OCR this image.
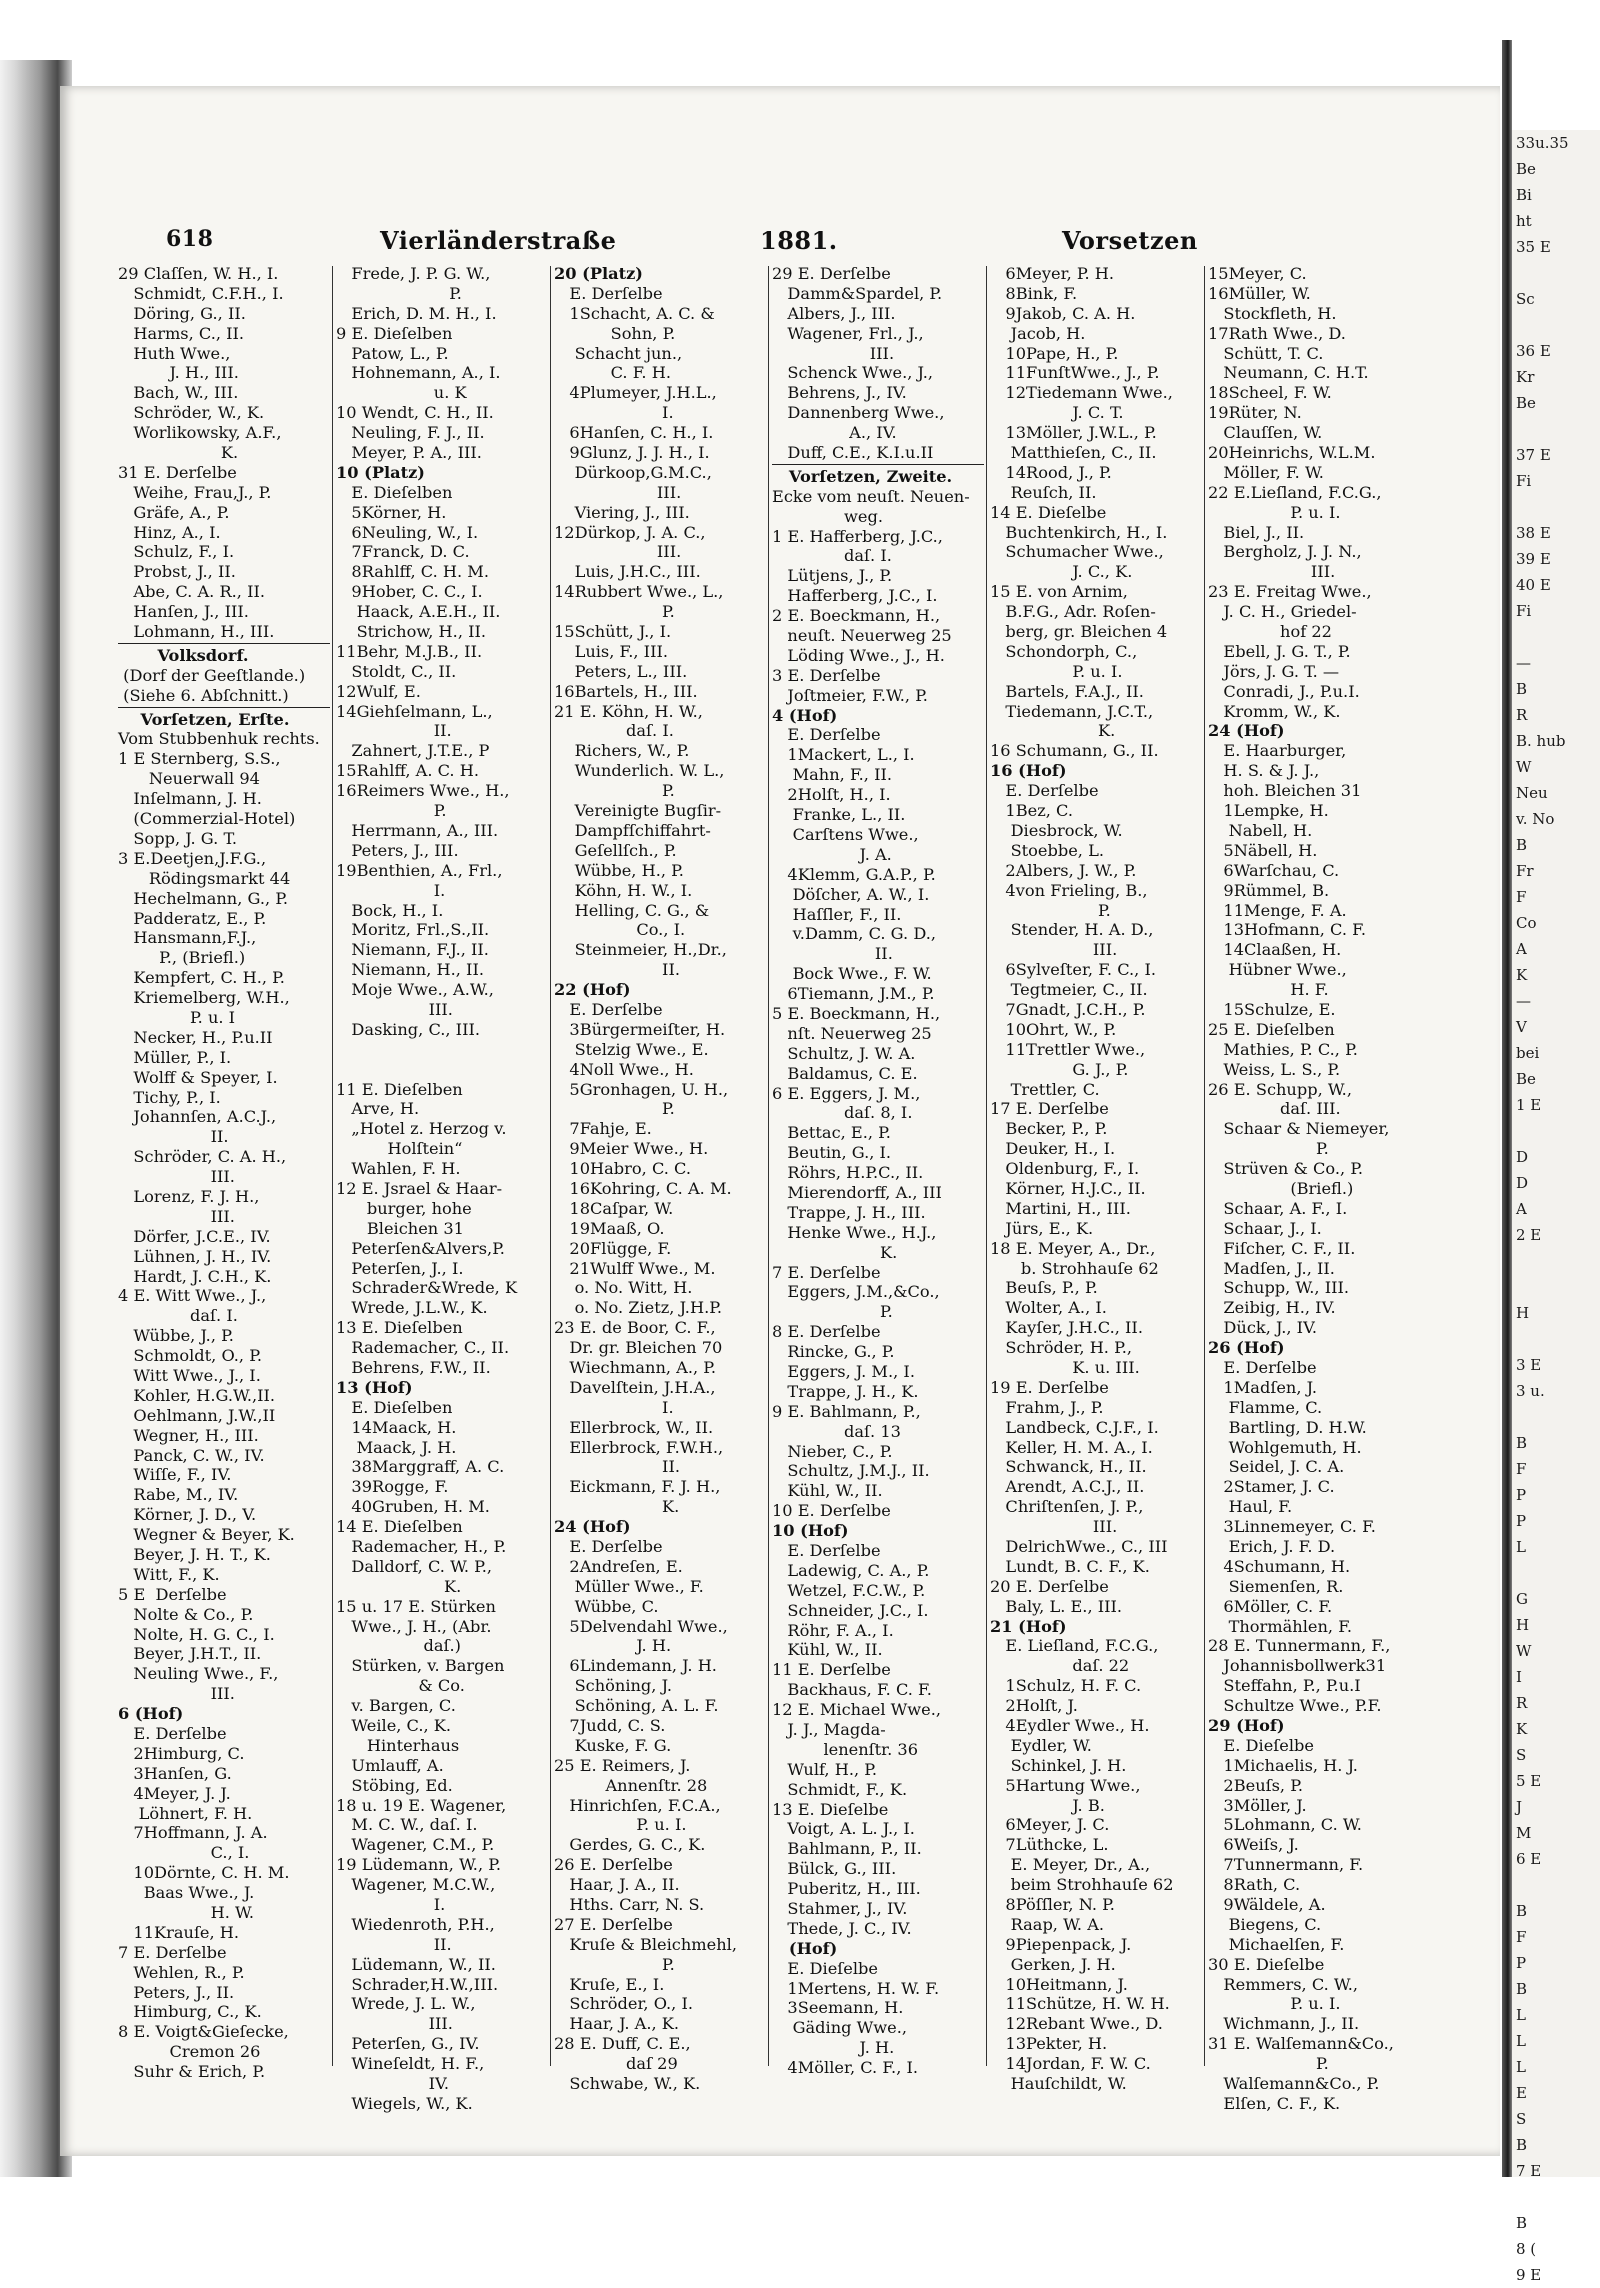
33u.35
Be
Bi
ht
35 E

Sc

36 E
Kr
Be

37 E
Fi

38 E
39 E
40 E
Fi

—
B
R
B. hub
W
Neu
v. No
B
Fr
F
Co
A
K
—
V
bei
Be
1 E

D
D
A
2 E

H

3 E
3 u.

B
F
P
P
L

G
H
W
I
R
K
S
5 E
J
M
6 E

B
F
P
B
L
L
L
E
S
B
7 E

B
8 (
9 E
618	Vierländerstraße	1881.	Vorsetzen
29 Claſſen, W. H., I.
Schmidt, C.F.H., I.
Döring, G., II.
Harms, C., II.
Huth Wwe.,
J. H., III.
Bach, W., III.
Schröder, W., K.
Worlikowsky, A.F.,
K.
31 E. Derſelbe
Weihe, Frau,J., P.
Gräfe, A., P.
Hinz, A., I.
Schulz, F., I.
Probst, J., II.
Abe, C. A. R., II.
Hanſen, J., III.
Lohmann, H., III.
Volksdorf.
(Dorf der Geeſtlande.)
(Siehe 6. Abſchnitt.)
Vorſetzen, Erſte.
Vom Stubbenhuk rechts.
1 E Sternberg, S.S.,
Neuerwall 94
Inſelmann, J. H.
(Commerzial-Hotel)
Sopp, J. G. T.
3 E.Deetjen,J.F.G.,
Rödingsmarkt 44
Hechelmann, G., P.
Padderatz, E., P.
Hansmann,F.J.,
P., (Briefl.)
Kempfert, C. H., P.
Kriemelberg, W.H.,
P. u. I
Necker, H., P.u.II
Müller, P., I.
Wolff & Speyer, I.
Tichy, P., I.
Johannſen, A.C.J.,
II.
Schröder, C. A. H.,
III.
Lorenz, F. J. H.,
III.
Dörfer, J.C.E., IV.
Lühnen, J. H., IV.
Hardt, J. C.H., K.
4 E. Witt Wwe., J.,
daſ. I.
Wübbe, J., P.
Schmoldt, O., P.
Witt Wwe., J., I.
Kohler, H.G.W.,II.
Oehlmann, J.W.,II
Wegner, H., III.
Panck, C. W., IV.
Wiſſe, F., IV.
Rabe, M., IV.
Körner, J. D., V.
Wegner & Beyer, K.
Beyer, J. H. T., K.
Witt, F., K.
5 E  Derſelbe
Nolte & Co., P.
Nolte, H. G. C., I.
Beyer, J.H.T., II.
Neuling Wwe., F.,
III.
6 (Hof)
E. Derſelbe
2Himburg, C.
3Hanſen, G.
4Meyer, J. J.
Löhnert, F. H.
7Hoffmann, J. A.
C., I.
10Dörnte, C. H. M.
Baas Wwe., J.
H. W.
11Krauſe, H.
7 E. Derſelbe
Wehlen, R., P.
Peters, J., II.
Himburg, C., K.
8 E. Voigt&Gieſecke,
Cremon 26
Suhr & Erich, P.
Frede, J. P. G. W.,
P.
Erich, D. M. H., I.
9 E. Dieſelben
Patow, L., P.
Hohnemann, A., I.
u. K
10 Wendt, C. H., II.
Neuling, F. J., II.
Meyer, P. A., III.
10 (Platz)
E. Dieſelben
5Körner, H.
6Neuling, W., I.
7Franck, D. C.
8Rahlff, C. H. M.
9Hober, C. C., I.
Haack, A.E.H., II.
Strichow, H., II.
11Behr, M.J.B., II.
Stoldt, C., II.
12Wulf, E.
14Giehſelmann, L.,
II.
Zahnert, J.T.E., P
15Rahlff, A. C. H.
16Reimers Wwe., H.,
P.
Herrmann, A., III.
Peters, J., III.
19Benthien, A., Frl.,
I.
Bock, H., I.
Moritz, Frl.,S.,II.
Niemann, F.J., II.
Niemann, H., II.
Moje Wwe., A.W.,
III.
Dasking, C., III.
11 E. Dieſelben
Arve, H.
„Hotel z. Herzog v.
Holſtein“
Wahlen, F. H.
12 E. Jsrael & Haar-
burger, hohe
Bleichen 31
Peterſen&Alvers,P.
Peterſen, J., I.
Schrader&Wrede, K
Wrede, J.L.W., K.
13 E. Dieſelben
Rademacher, C., II.
Behrens, F.W., II.
13 (Hof)
E. Dieſelben
14Maack, H.
Maack, J. H.
38Marggraff, A. C.
39Rogge, F.
40Gruben, H. M.
14 E. Dieſelben
Rademacher, H., P.
Dalldorf, C. W. P.,
K.
15 u. 17 E. Stürken
Wwe., J. H., (Abr.
daſ.)
Stürken, v. Bargen
& Co.
v. Bargen, C.
Weile, C., K.
Hinterhaus
Umlauff, A.
Stöbing, Ed.
18 u. 19 E. Wagener,
M. C. W., daſ. I.
Wagener, C.M., P.
19 Lüdemann, W., P.
Wagener, M.C.W.,
I.
Wiedenroth, P.H.,
II.
Lüdemann, W., II.
Schrader,H.W.,III.
Wrede, J. L. W.,
III.
Peterſen, G., IV.
Wineſeldt, H. F.,
IV.
Wiegels, W., K.
20 (Platz)
E. Derſelbe
1Schacht, A. C. &
Sohn, P.
Schacht jun.,
C. F. H.
4Plumeyer, J.H.L.,
I.
6Hanſen, C. H., I.
9Glunz, J. J. H., I.
Dürkoop,G.M.C.,
III.
Viering, J., III.
12Dürkop, J. A. C.,
III.
Luis, J.H.C., III.
14Rubbert Wwe., L.,
P.
15Schütt, J., I.
Luis, F., III.
Peters, L., III.
16Bartels, H., III.
21 E. Köhn, H. W.,
daſ. I.
Richers, W., P.
Wunderlich. W. L.,
P.
Vereinigte Bugſir-
Dampfſchiffahrt-
Geſellſch., P.
Wübbe, H., P.
Köhn, H. W., I.
Helling, C. G., &
Co., I.
Steinmeier, H.,Dr.,
II.
22 (Hof)
E. Derſelbe
3Bürgermeiſter, H.
Stelzig Wwe., E.
4Noll Wwe., H.
5Gronhagen, U. H.,
P.
7Fahje, E.
9Meier Wwe., H.
10Habro, C. C.
16Kohring, C. A. M.
18Caſpar, W.
19Maaß, O.
20Flügge, F.
21Wulff Wwe., M.
o. No. Witt, H.
o. No. Zietz, J.H.P.
23 E. de Boor, C. F.,
Dr. gr. Bleichen 70
Wiechmann, A., P.
Davelſtein, J.H.A.,
I.
Ellerbrock, W., II.
Ellerbrock, F.W.H.,
II.
Eickmann, F. J. H.,
K.
24 (Hof)
E. Derſelbe
2Andreſen, E.
Müller Wwe., F.
Wübbe, C.
5Delvendahl Wwe.,
J. H.
6Lindemann, J. H.
Schöning, J.
Schöning, A. L. F.
7Judd, C. S.
Kuske, F. G.
25 E. Reimers, J.
Annenſtr. 28
Hinrichſen, F.C.A.,
P. u. I.
Gerdes, G. C., K.
26 E. Derſelbe
Haar, J. A., II.
Hths. Carr, N. S.
27 E. Derſelbe
Kruſe & Bleichmehl,
P.
Kruſe, E., I.
Schröder, O., I.
Haar, J. A., K.
28 E. Duff, C. E.,
daſ 29
Schwabe, W., K.
29 E. Derſelbe
Damm&Spardel, P.
Albers, J., III.
Wagener, Frl., J.,
III.
Schenck Wwe., J.,
Behrens, J., IV.
Dannenberg Wwe.,
A., IV.
Duff, C.E., K.I.u.II
Vorſetzen, Zweite.
Ecke vom neuſt. Neuen-
weg.
1 E. Hafferberg, J.C.,
daſ. I.
Lütjens, J., P.
Hafferberg, J.C., I.
2 E. Boeckmann, H.,
neuſt. Neuerweg 25
Löding Wwe., J., H.
3 E. Derſelbe
Joſtmeier, F.W., P.
4 (Hof)
E. Derſelbe
1Mackert, L., I.
Mahn, F., II.
2Holſt, H., I.
Franke, L., II.
Carſtens Wwe.,
J. A.
4Klemm, G.A.P., P.
Döſcher, A. W., I.
Haſſler, F., II.
v.Damm, C. G. D.,
II.
Bock Wwe., F. W.
6Tiemann, J.M., P.
5 E. Boeckmann, H.,
nſt. Neuerweg 25
Schultz, J. W. A.
Baldamus, C. E.
6 E. Eggers, J. M.,
daſ. 8, I.
Bettac, E., P.
Beutin, G., I.
Röhrs, H.P.C., II.
Mierendorff, A., III
Trappe, J. H., III.
Henke Wwe., H.J.,
K.
7 E. Derſelbe
Eggers, J.M.,&Co.,
P.
8 E. Derſelbe
Rincke, G., P.
Eggers, J. M., I.
Trappe, J. H., K.
9 E. Bahlmann, P.,
daſ. 13
Nieber, C., P.
Schultz, J.M.J., II.
Kühl, W., II.
10 E. Derſelbe
10 (Hof)
E. Derſelbe
Ladewig, C. A., P.
Wetzel, F.C.W., P.
Schneider, J.C., I.
Röhr, F. A., I.
Kühl, W., II.
11 E. Derſelbe
Backhaus, F. C. F.
12 E. Michael Wwe.,
J. J., Magda-
lenenſtr. 36
Wulf, H., P.
Schmidt, F., K.
13 E. Dieſelbe
Voigt, A. L. J., I.
Bahlmann, P., II.
Bülck, G., III.
Puberitz, H., III.
Stahmer, J., IV.
Thede, J. C., IV.
(Hof)
E. Dieſelbe
1Mertens, H. W. F.
3Seemann, H.
Gäding Wwe.,
J. H.
4Möller, C. F., I.
6Meyer, P. H.
8Bink, F.
9Jakob, C. A. H.
Jacob, H.
10Pape, H., P.
11FunſtWwe., J., P.
12Tiedemann Wwe.,
J. C. T.
13Möller, J.W.L., P.
Matthieſen, C., II.
14Rood, J., P.
Reuſch, II.
14 E. Dieſelbe
Buchtenkirch, H., I.
Schumacher Wwe.,
J. C., K.
15 E. von Arnim,
B.F.G., Adr. Roſen-
berg, gr. Bleichen 4
Schondorph, C.,
P. u. I.
Bartels, F.A.J., II.
Tiedemann, J.C.T.,
K.
16 Schumann, G., II.
16 (Hof)
E. Derſelbe
1Bez, C.
Diesbrock, W.
Stoebbe, L.
2Albers, J. W., P.
4von Frieling, B.,
P.
Stender, H. A. D.,
III.
6Sylveſter, F. C., I.
Tegtmeier, C., II.
7Gnadt, J.C.H., P.
10Ohrt, W., P.
11Trettler Wwe.,
G. J., P.
Trettler, C.
17 E. Derſelbe
Becker, P., P.
Deuker, H., I.
Oldenburg, F., I.
Körner, H.J.C., II.
Martini, H., III.
Jürs, E., K.
18 E. Meyer, A., Dr.,
b. Strohhauſe 62
Beuſs, P., P.
Wolter, A., I.
Kayſer, J.H.C., II.
Schröder, H. P.,
K. u. III.
19 E. Derſelbe
Frahm, J., P.
Landbeck, C.J.F., I.
Keller, H. M. A., I.
Schwanck, H., II.
Arendt, A.C.J., II.
Chriſtenſen, J. P.,
III.
DelrichWwe., C., III
Lundt, B. C. F., K.
20 E. Derſelbe
Baly, L. E., III.
21 (Hof)
E. Lieſland, F.C.G.,
daſ. 22
1Schulz, H. F. C.
2Holſt, J.
4Eydler Wwe., H.
Eydler, W.
Schinkel, J. H.
5Hartung Wwe.,
J. B.
6Meyer, J. C.
7Lüthcke, L.
E. Meyer, Dr., A.,
beim Strohhauſe 62
8Pöſſler, N. P.
Raap, W. A.
9Piepenpack, J.
Gerken, J. H.
10Heitmann, J.
11Schütze, H. W. H.
12Rebant Wwe., D.
13Pekter, H.
14Jordan, F. W. C.
Hauſchildt, W.
15Meyer, C.
16Müller, W.
Stockfleth, H.
17Rath Wwe., D.
Schütt, T. C.
Neumann, C. H.T.
18Scheel, F. W.
19Rüter, N.
Clauſſen, W.
20Heinrichs, W.L.M.
Möller, F. W.
22 E.Lieſland, F.C.G.,
P. u. I.
Biel, J., II.
Bergholz, J. J. N.,
III.
23 E. Freitag Wwe.,
J. C. H., Griedel-
hof 22
Ebell, J. G. T., P.
Jörs, J. G. T. —
Conradi, J., P.u.I.
Kromm, W., K.
24 (Hof)
E. Haarburger,
H. S. & J. J.,
hoh. Bleichen 31
1Lempke, H.
Nabell, H.
5Näbell, H.
6Warſchau, C.
9Rümmel, B.
11Menge, F. A.
13Hofmann, C. F.
14Claaßen, H.
Hübner Wwe.,
H. F.
15Schulze, E.
25 E. Dieſelben
Mathies, P. C., P.
Weiss, L. S., P.
26 E. Schupp, W.,
daſ. III.
Schaar & Niemeyer,
P.
Strüven & Co., P.
(Briefl.)
Schaar, A. F., I.
Schaar, J., I.
Fiſcher, C. F., II.
Madſen, J., II.
Schupp, W., III.
Zeibig, H., IV.
Dück, J., IV.
26 (Hof)
E. Derſelbe
1Madſen, J.
Flamme, C.
Bartling, D. H.W.
Wohlgemuth, H.
Seidel, J. C. A.
2Stamer, J. C.
Haul, F.
3Linnemeyer, C. F.
Erich, J. F. D.
4Schumann, H.
Siemenſen, R.
6Möller, C. F.
Thormählen, F.
28 E. Tunnermann, F.,
Johannisbollwerk31
Steffahn, P., P.u.I
Schultze Wwe., P.F.
29 (Hof)
E. Dieſelbe
1Michaelis, H. J.
2Beuſs, P.
3Möller, J.
5Lohmann, C. W.
6Weiſs, J.
7Tunnermann, F.
8Rath, C.
9Wäldele, A.
Biegens, C.
Michaelſen, F.
30 E. Dieſelbe
Remmers, C. W.,
P. u. I.
Wichmann, J., II.
31 E. Walſemann&Co.,
P.
Walſemann&Co., P.
Elſen, C. F., K.
